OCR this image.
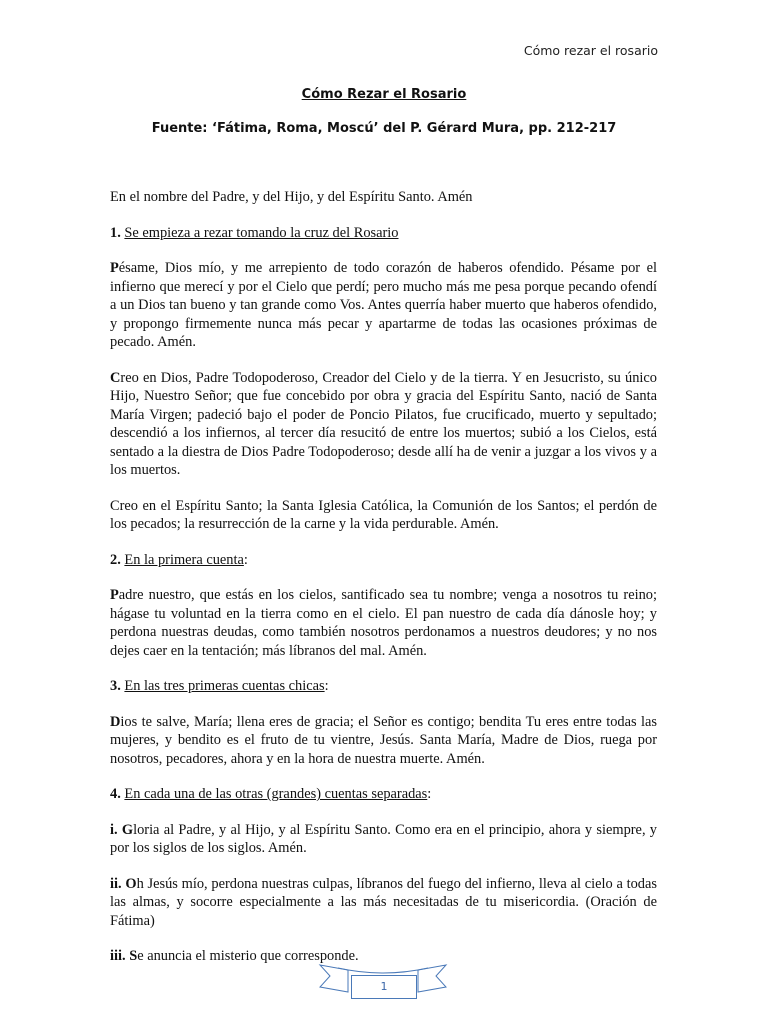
Cómo rezar el rosario
Cómo Rezar el Rosario
Fuente: ‘Fátima, Roma, Moscú’ del P. Gérard Mura, pp. 212-217

En el nombre del Padre, y del Hijo, y del Espíritu Santo. Amén

1. Se empieza a rezar tomando la cruz del Rosario

Pésame, Dios mío, y me arrepiento de todo corazón de haberos ofendido. Pésame por el infierno que merecí y por el Cielo que perdí; pero mucho más me pesa porque pecando ofendí a un Dios tan bueno y tan grande como Vos. Antes querría haber muerto que haberos ofendido, y propongo firmemente nunca más pecar y apartarme de todas las ocasiones próximas de pecado. Amén.

Creo en Dios, Padre Todopoderoso, Creador del Cielo y de la tierra. Y en Jesucristo, su único Hijo, Nuestro Señor; que fue concebido por obra y gracia del Espíritu Santo, nació de Santa María Virgen; padeció bajo el poder de Poncio Pilatos, fue crucificado, muerto y sepultado; descendió a los infiernos, al tercer día resucitó de entre los muertos; subió a los Cielos, está sentado a la diestra de Dios Padre Todopoderoso; desde allí ha de venir a juzgar a los vivos y a los muertos.

Creo en el Espíritu Santo; la Santa Iglesia Católica, la Comunión de los Santos; el perdón de los pecados; la resurrección de la carne y la vida perdurable. Amén.

2. En la primera cuenta:

Padre nuestro, que estás en los cielos, santificado sea tu nombre; venga a nosotros tu reino; hágase tu voluntad en la tierra como en el cielo. El pan nuestro de cada día dánosle hoy; y perdona nuestras deudas, como también nosotros perdonamos a nuestros deudores; y no nos dejes caer en la tentación; más líbranos del mal. Amén.

3. En las tres primeras cuentas chicas:

Dios te salve, María; llena eres de gracia; el Señor es contigo; bendita Tu eres entre todas las mujeres, y bendito es el fruto de tu vientre, Jesús. Santa María, Madre de Dios, ruega por nosotros, pecadores, ahora y en la hora de nuestra muerte. Amén.

4. En cada una de las otras (grandes) cuentas separadas:

i. Gloria al Padre, y al Hijo, y al Espíritu Santo. Como era en el principio, ahora y siempre, y por los siglos de los siglos. Amén.

ii. Oh Jesús mío, perdona nuestras culpas, líbranos del fuego del infierno, lleva al cielo a todas las almas, y socorre especialmente a las más necesitadas de tu misericordia. (Oración de Fátima)

iii. Se anuncia el misterio que corresponde.

1
